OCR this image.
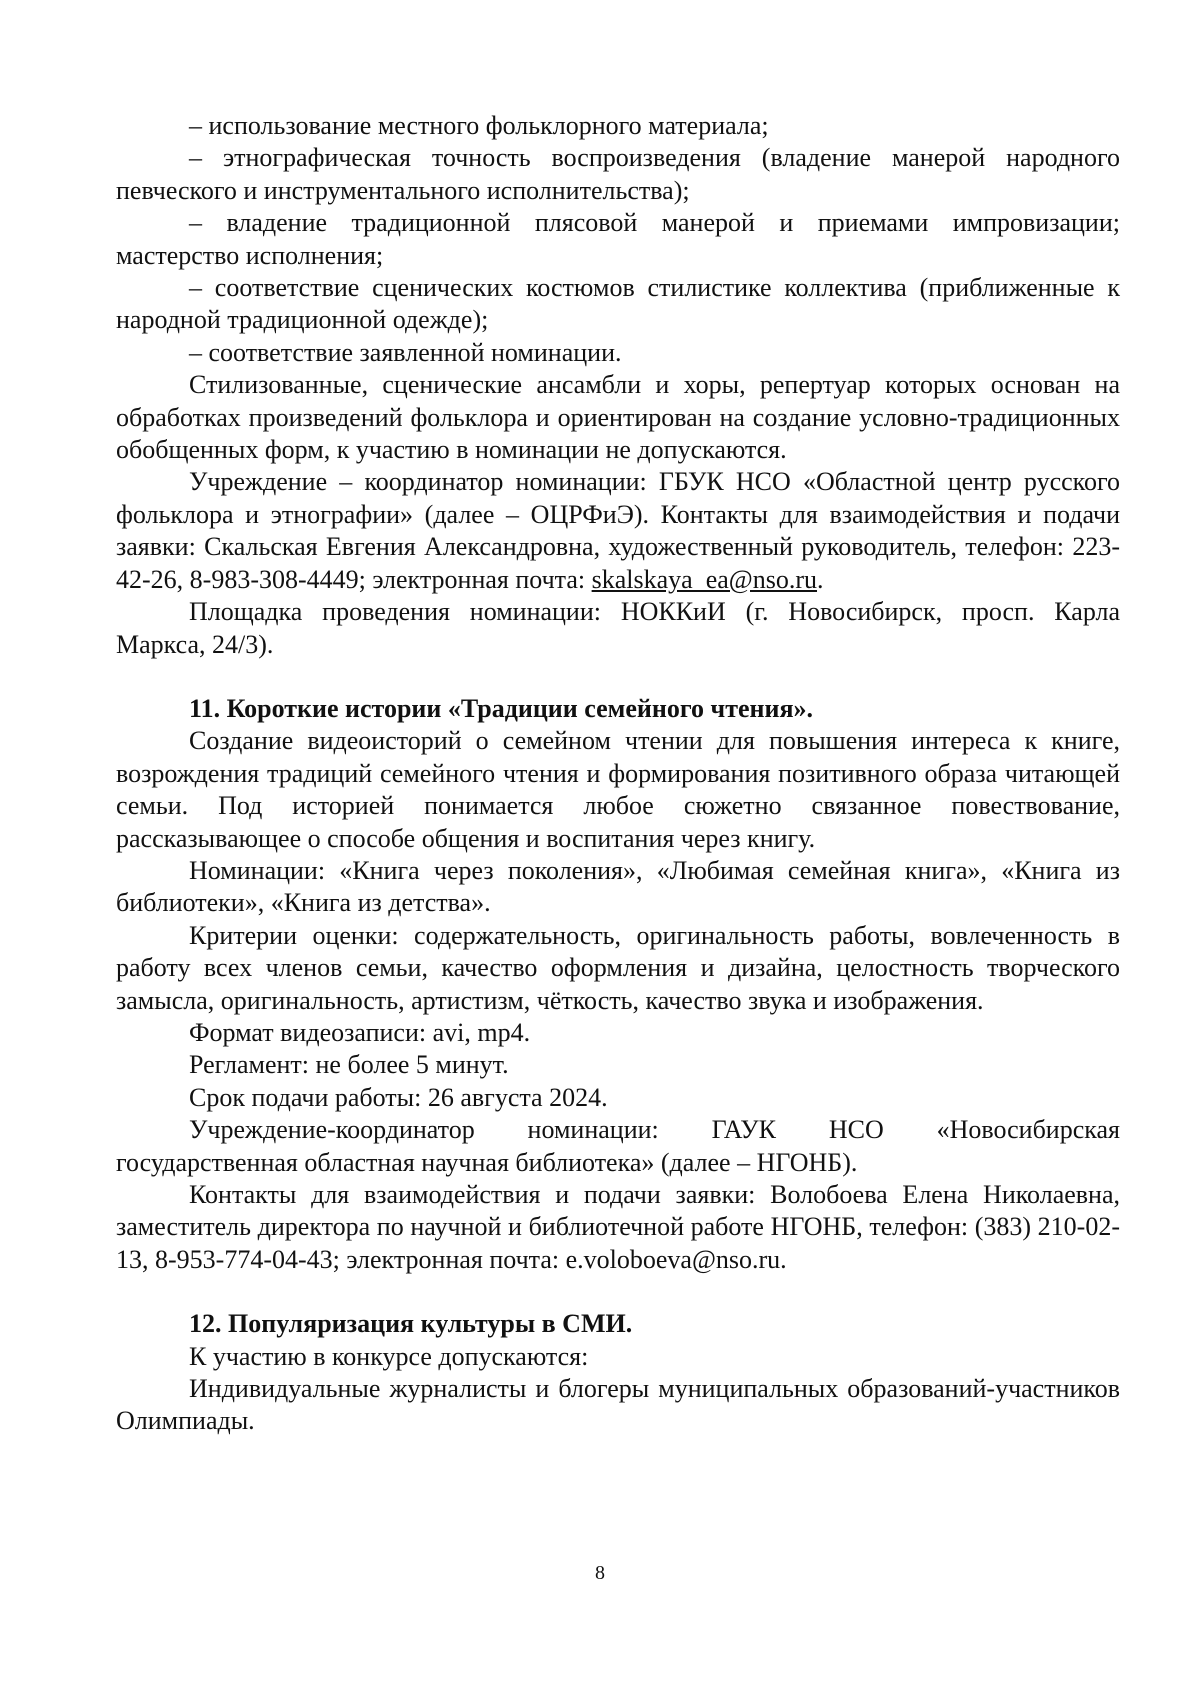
– использование местного фольклорного материала;

– этнографическая точность воспроизведения (владение манерой народного певческого и инструментального исполнительства);

– владение традиционной плясовой манерой и приемами импровизации; мастерство исполнения;

– соответствие сценических костюмов стилистике коллектива (приближенные к народной традиционной одежде);

– соответствие заявленной номинации.

Стилизованные, сценические ансамбли и хоры, репертуар которых основан на обработках произведений фольклора и ориентирован на создание условно-традиционных обобщенных форм, к участию в номинации не допускаются.

Учреждение – координатор номинации: ГБУК НСО «Областной центр русского фольклора и этнографии» (далее – ОЦРФиЭ). Контакты для взаимодействия и подачи заявки: Скальская Евгения Александровна, художественный руководитель, телефон: 223-42-26, 8-983-308-4449; электронная почта: skalskaya_ea@nso.ru.

Площадка проведения номинации: НОККиИ (г. Новосибирск, просп. Карла Маркса, 24/3).

11. Короткие истории «Традиции семейного чтения».

Создание видеоисторий о семейном чтении для повышения интереса к книге, возрождения традиций семейного чтения и формирования позитивного образа читающей семьи. Под историей понимается любое сюжетно связанное повествование, рассказывающее о способе общения и воспитания через книгу.

Номинации: «Книга через поколения», «Любимая семейная книга», «Книга из библиотеки», «Книга из детства».

Критерии оценки: содержательность, оригинальность работы, вовлеченность в работу всех членов семьи, качество оформления и дизайна, целостность творческого замысла, оригинальность, артистизм, чёткость, качество звука и изображения.

Формат видеозаписи: avi, mp4.

Регламент: не более 5 минут.

Срок подачи работы: 26 августа 2024.

Учреждение-координатор номинации: ГАУК НСО «Новосибирская государственная областная научная библиотека» (далее – НГОНБ).

Контакты для взаимодействия и подачи заявки: Волобоева Елена Николаевна, заместитель директора по научной и библиотечной работе НГОНБ, телефон: (383) 210-02-13, 8-953-774-04-43; электронная почта: e.voloboeva@nso.ru.

12. Популяризация культуры в СМИ.

К участию в конкурсе допускаются:

Индивидуальные журналисты и блогеры муниципальных образований-участников Олимпиады.

8
